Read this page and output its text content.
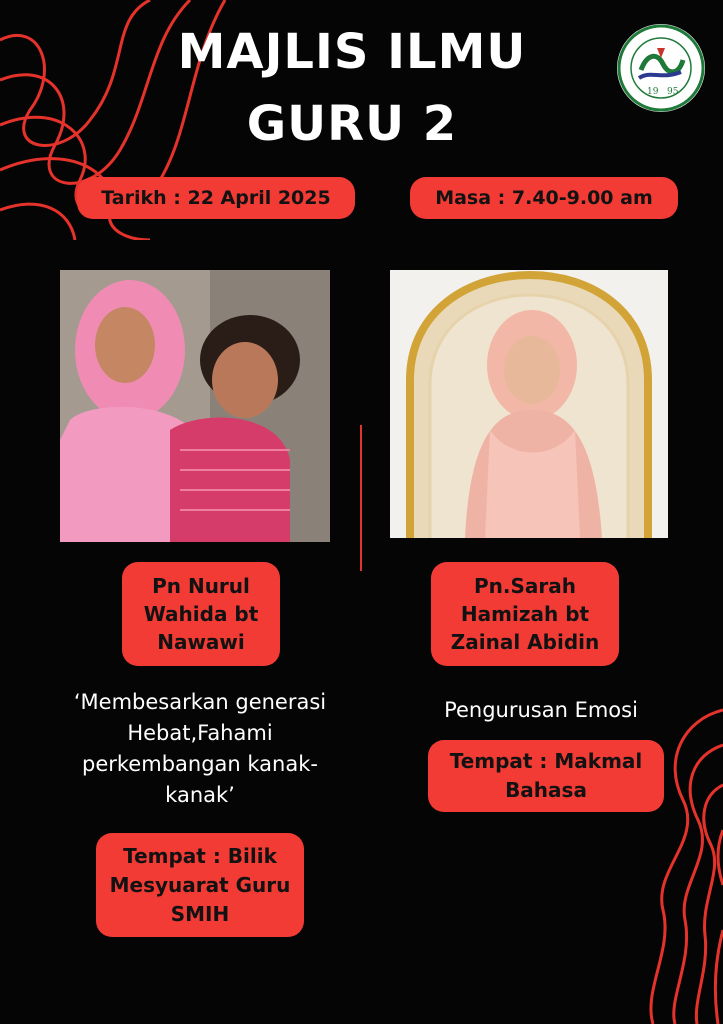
MAJLIS ILMU
GURU 2
19 95
Tarikh : 22 April 2025	Masa : 7.40-9.00 am
Pn Nurul
Wahida bt
Nawawi
Pn.Sarah
Hamizah bt
Zainal Abidin
‘Membesarkan generasi
Hebat,Fahami
perkembangan kanak-
kanak’
Pengurusan Emosi
Tempat : Bilik
Mesyuarat Guru
SMIH
Tempat : Makmal
Bahasa
